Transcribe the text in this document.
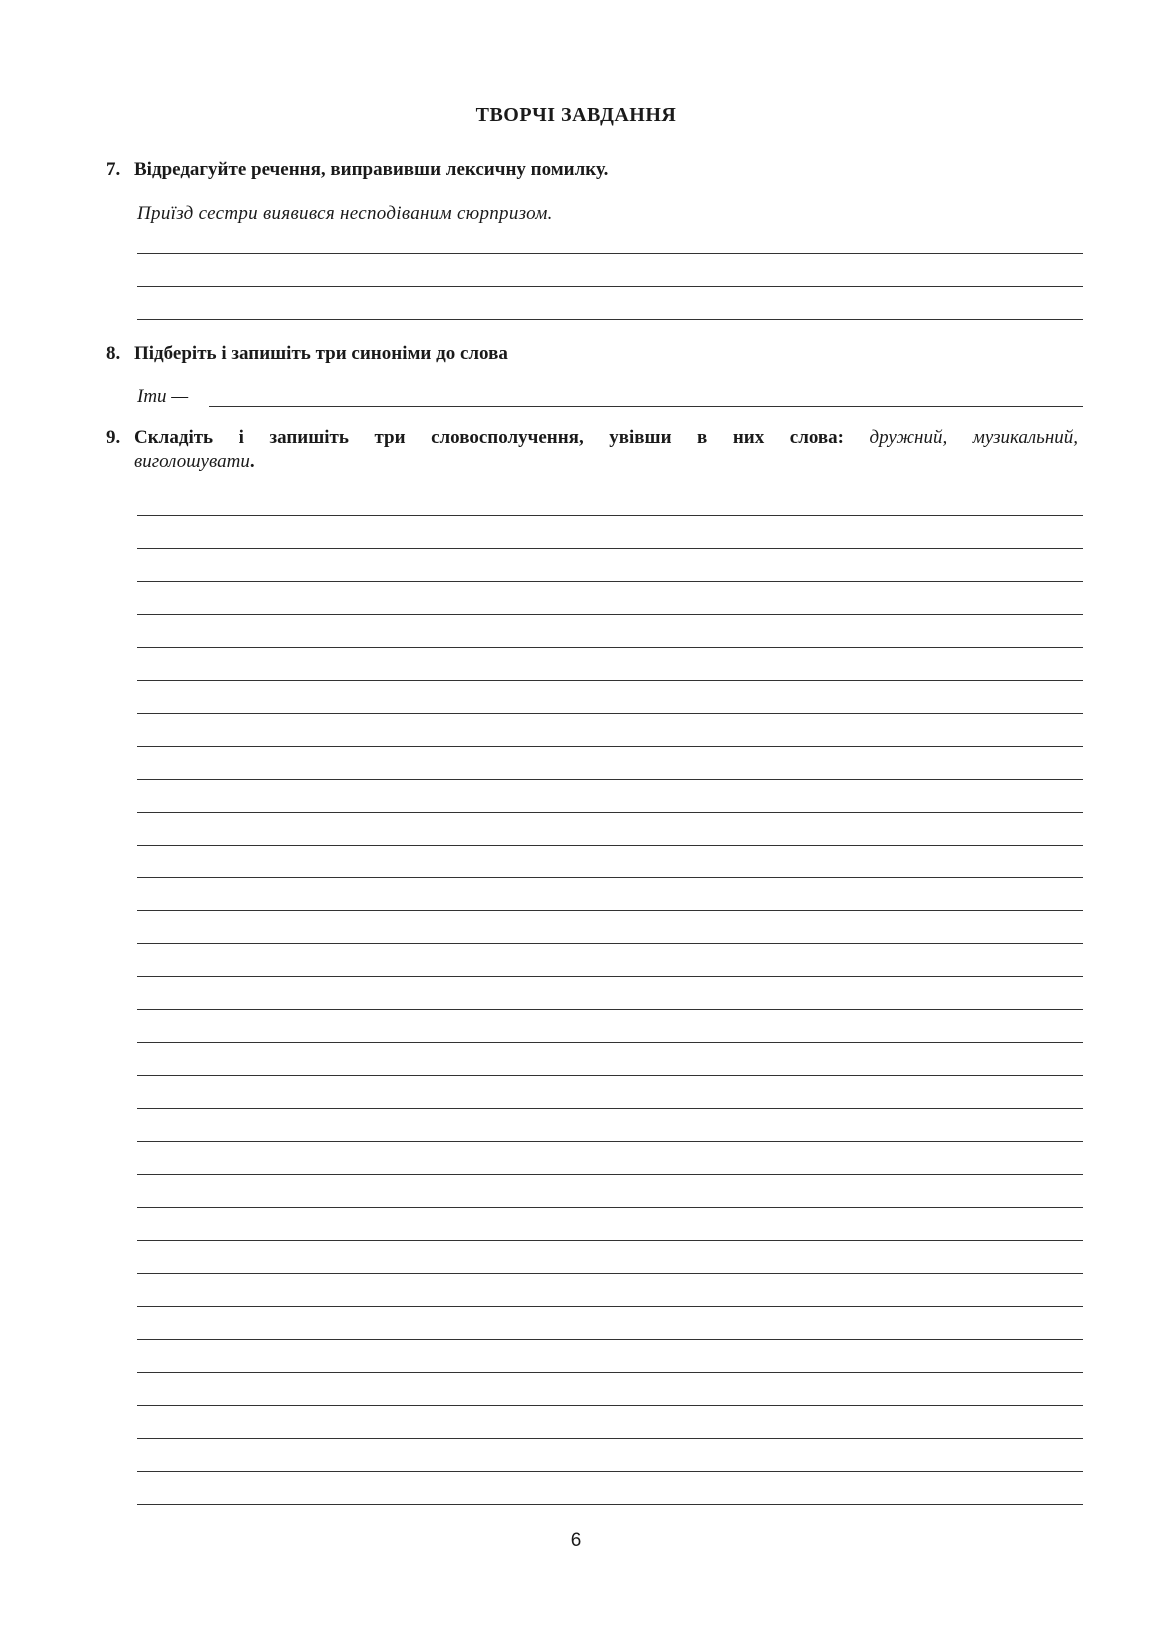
ТВОРЧІ ЗАВДАННЯ
7. Відредагуйте речення, виправивши лексичну помилку.
Приїзд сестри виявився несподіваним сюрпризом.
8. Підберіть і запишіть три синоніми до слова
Іти —
9. Складіть і запишіть три словосполучення, увівши в них слова: дружний, музикальний,
виголошувати.
6
